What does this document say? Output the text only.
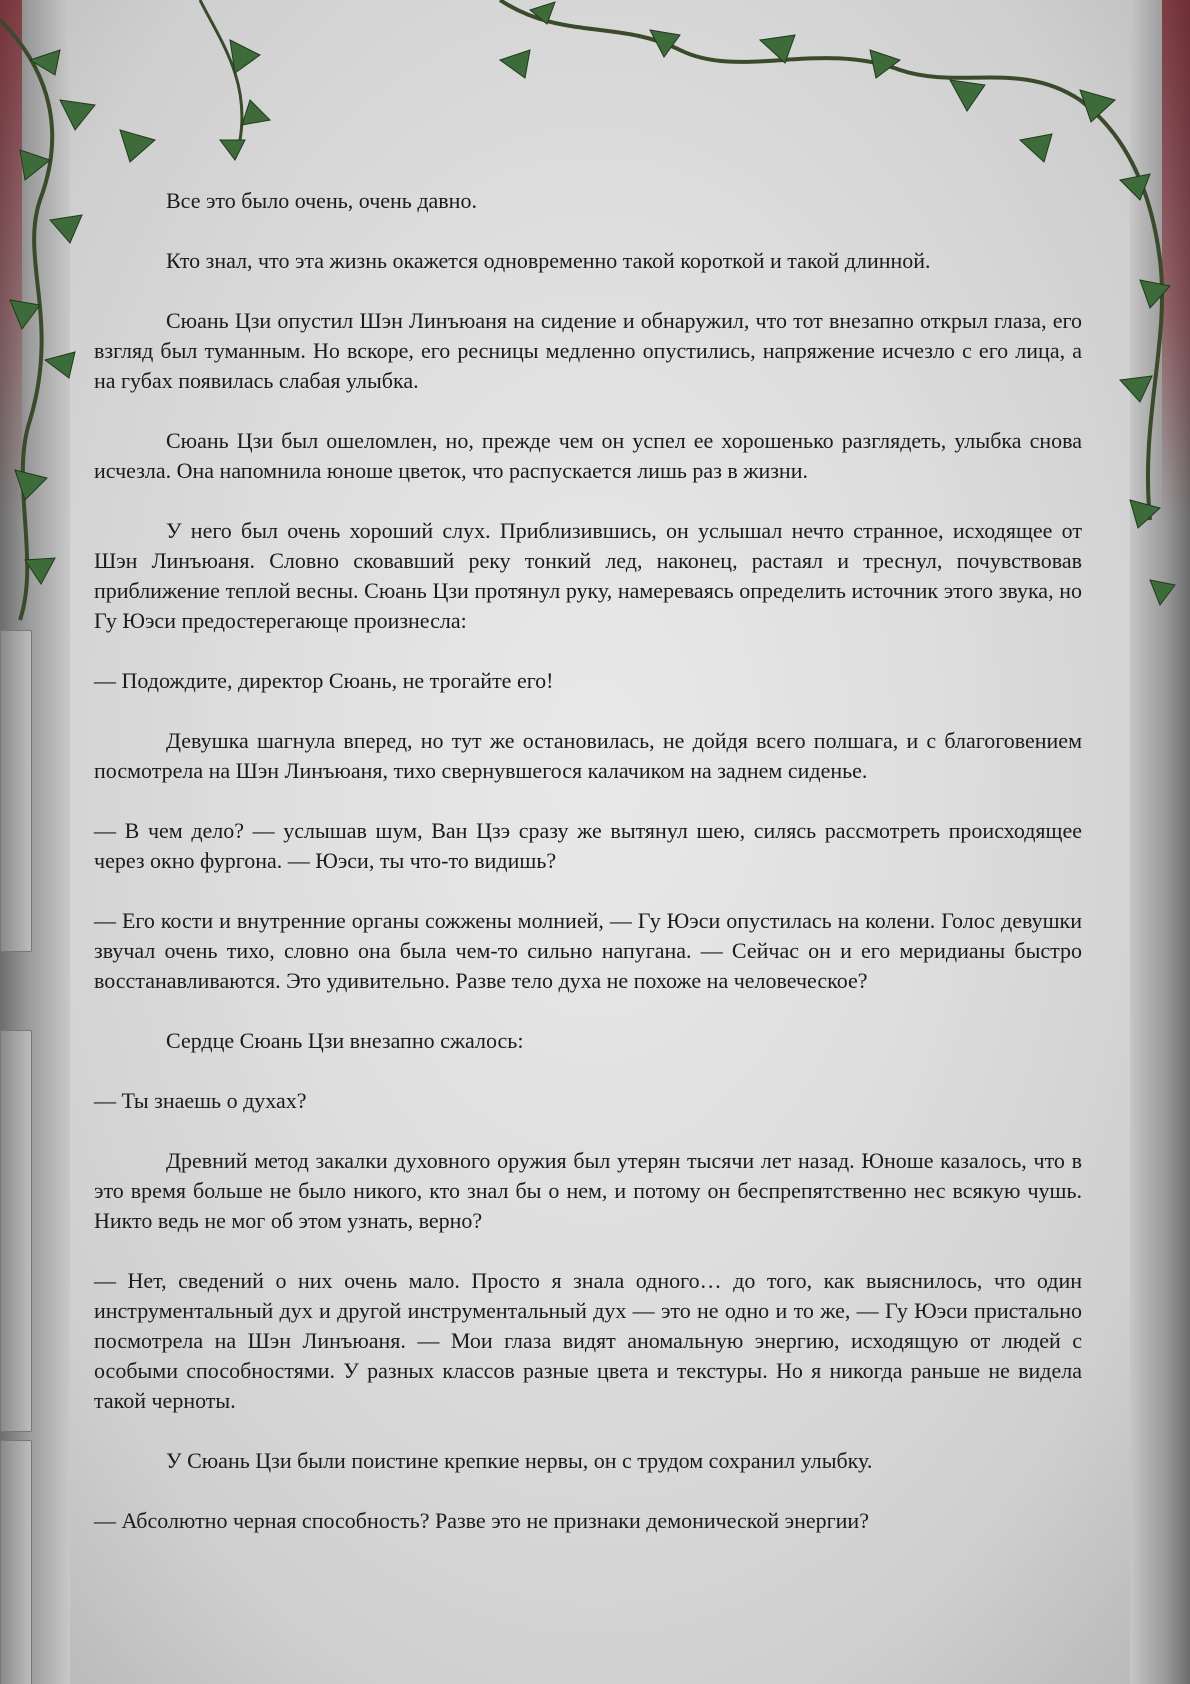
Все это было очень, очень давно.

Кто знал, что эта жизнь окажется одновременно такой короткой и такой длинной.

Сюань Цзи опустил Шэн Линъюаня на сидение и обнаружил, что тот внезапно открыл глаза, его взгляд был туманным. Но вскоре, его ресницы медленно опустились, напряжение исчезло с его лица, а на губах появилась слабая улыбка.

Сюань Цзи был ошеломлен, но, прежде чем он успел ее хорошенько разглядеть, улыбка снова исчезла. Она напомнила юноше цветок, что распускается лишь раз в жизни.

У него был очень хороший слух. Приблизившись, он услышал нечто странное, исходящее от Шэн Линъюаня. Словно сковавший реку тонкий лед, наконец, растаял и треснул, почувствовав приближение теплой весны. Сюань Цзи протянул руку, намереваясь определить источник этого звука, но Гу Юэси предостерегающе произнесла:

— Подождите, директор Сюань, не трогайте его!

Девушка шагнула вперед, но тут же остановилась, не дойдя всего полшага, и с благоговением посмотрела на Шэн Линъюаня, тихо свернувшегося калачиком на заднем сиденье.

— В чем дело? — услышав шум, Ван Цзэ сразу же вытянул шею, силясь рассмотреть происходящее через окно фургона. — Юэси, ты что-то видишь?

— Его кости и внутренние органы сожжены молнией, — Гу Юэси опустилась на колени. Голос девушки звучал очень тихо, словно она была чем-то сильно напугана. — Сейчас он и его меридианы быстро восстанавливаются. Это удивительно. Разве тело духа не похоже на человеческое?

Сердце Сюань Цзи внезапно сжалось:

— Ты знаешь о духах?

Древний метод закалки духовного оружия был утерян тысячи лет назад. Юноше казалось, что в это время больше не было никого, кто знал бы о нем, и потому он беспрепятственно нес всякую чушь. Никто ведь не мог об этом узнать, верно?

— Нет, сведений о них очень мало. Просто я знала одного… до того, как выяснилось, что один инструментальный дух и другой инструментальный дух — это не одно и то же, — Гу Юэси пристально посмотрела на Шэн Линъюаня. — Мои глаза видят аномальную энергию, исходящую от людей с особыми способностями. У разных классов разные цвета и текстуры. Но я никогда раньше не видела такой черноты.

У Сюань Цзи были поистине крепкие нервы, он с трудом сохранил улыбку.

— Абсолютно черная способность? Разве это не признаки демонической энергии?
